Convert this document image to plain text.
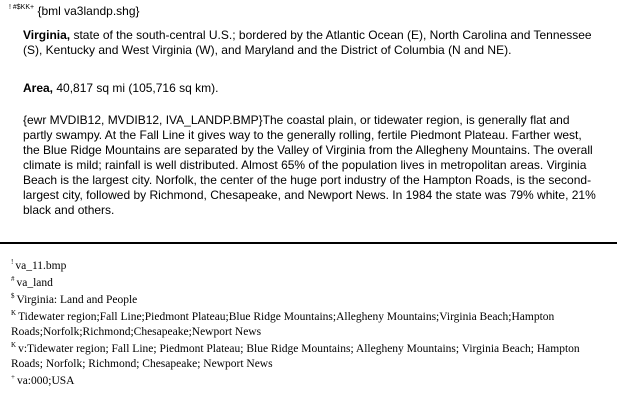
$^{! \#\$KK+}$ {bml va3landp.shg}
Virginia, state of the south-central U.S.; bordered by the Atlantic Ocean (E), North Carolina and Tennessee (S), Kentucky and West Virginia (W), and Maryland and the District of Columbia (N and NE).
Area, 40,817 sq mi (105,716 sq km).
{ewr MVDIB12, MVDIB12, IVA_LANDP.BMP}The coastal plain, or tidewater region, is generally flat and partly swampy. At the Fall Line it gives way to the generally rolling, fertile Piedmont Plateau. Farther west, the Blue Ridge Mountains are separated by the Valley of Virginia from the Allegheny Mountains. The overall climate is mild; rainfall is well distributed. Almost 65% of the population lives in metropolitan areas. Virginia Beach is the largest city. Norfolk, the center of the huge port industry of the Hampton Roads, is the second-largest city, followed by Richmond, Chesapeake, and Newport News. In 1984 the state was 79% white, 21% black and others.

! va_11.bmp

# va_land

$ Virginia: Land and People

$^K$ Tidewater region;Fall Line;Piedmont Plateau;Blue Ridge Mountains;Allegheny Mountains;Virginia Beach;Hampton Roads;Norfolk;Richmond;Chesapeake;Newport News

$^K$ v:Tidewater region; Fall Line; Piedmont Plateau; Blue Ridge Mountains; Allegheny Mountains; Virginia Beach; Hampton Roads; Norfolk; Richmond; Chesapeake; Newport News

+ va:000;USA
